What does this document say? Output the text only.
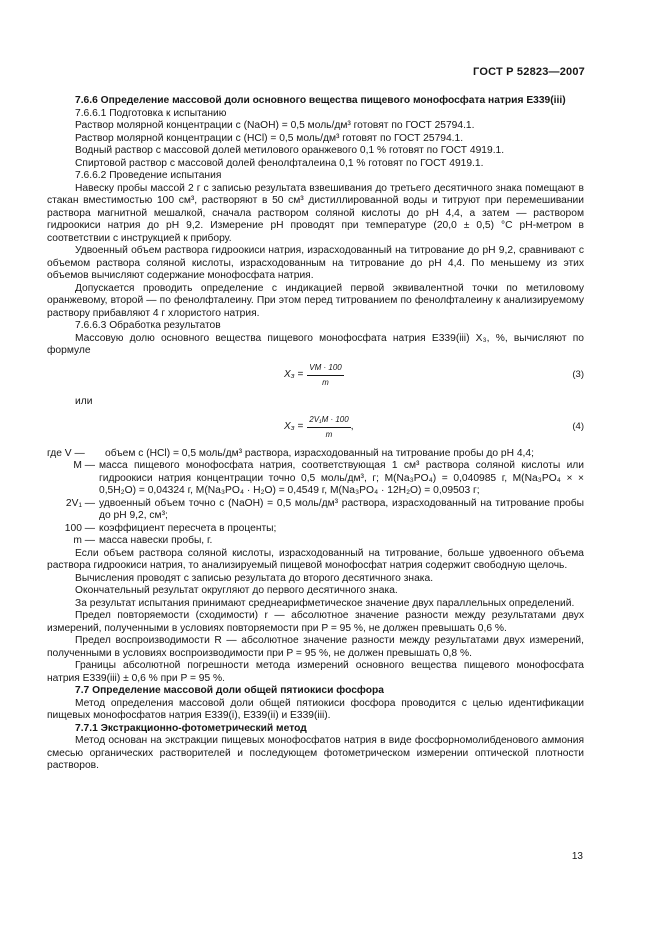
ГОСТ Р 52823—2007

7.6.6 Определение массовой доли основного вещества пищевого монофосфата натрия E339(iii)

7.6.6.1 Подготовка к испытанию

Раствор молярной концентрации с (NaOH) = 0,5 моль/дм³ готовят по ГОСТ 25794.1.

Раствор молярной концентрации с (HCl) = 0,5 моль/дм³ готовят по ГОСТ 25794.1.

Водный раствор с массовой долей метилового оранжевого 0,1 % готовят по ГОСТ 4919.1.

Спиртовой раствор с массовой долей фенолфталеина 0,1 % готовят по ГОСТ 4919.1.

7.6.6.2 Проведение испытания

Навеску пробы массой 2 г с записью результата взвешивания до третьего десятичного знака помещают в стакан вместимостью 100 см³, растворяют в 50 см³ дистиллированной воды и титруют при перемешивании раствора магнитной мешалкой, сначала раствором соляной кислоты до рН 4,4, а затем — раствором гидроокиси натрия до рН 9,2. Измерение рН проводят при температуре (20,0 ± 0,5) °С рН-метром в соответствии с инструкцией к прибору.

Удвоенный объем раствора гидроокиси натрия, израсходованный на титрование до рН 9,2, сравнивают с объемом раствора соляной кислоты, израсходованным на титрование до рН 4,4. По меньшему из этих объемов вычисляют содержание монофосфата натрия.

Допускается проводить определение с индикацией первой эквивалентной точки по метиловому оранжевому, второй — по фенолфталеину. При этом перед титрованием по фенолфталеину к анализируемому раствору прибавляют 4 г хлористого натрия.

7.6.6.3 Обработка результатов

Массовую долю основного вещества пищевого монофосфата натрия E339(iii) X₃, %, вычисляют по формуле

$X_3 = \frac{VM \cdot 100}{m}$	(3)
или
$X_3 = \frac{\text{2V₁M · 100}}{m}$ ,	(4)
где V —	объем с (HCl) = 0,5 моль/дм³ раствора, израсходованный на титрование пробы до рН 4,4;
M — масса пищевого монофосфата натрия, соответствующая 1 см³ раствора соляной кислоты или гидроокиси натрия концентрации точно 0,5 моль/дм³, г; M(Na₃PO₄) = 0,040985 г, M(Na₃PO₄ × × 0,5H₂O) = 0,04324 г, M(Na₃PO₄ · H₂O) = 0,4549 г, M(Na₃PO₄ · 12H₂O) = 0,09503 г;
2V₁ — удвоенный объем точно с (NaOH) = 0,5 моль/дм³ раствора, израсходованный на титрование пробы до рН 9,2, см³;
100 — коэффициент пересчета в проценты;
m — масса навески пробы, г.

Если объем раствора соляной кислоты, израсходованный на титрование, больше удвоенного объема раствора гидроокиси натрия, то анализируемый пищевой монофосфат натрия содержит свободную щелочь.

Вычисления проводят с записью результата до второго десятичного знака.

Окончательный результат округляют до первого десятичного знака.

За результат испытания принимают среднеарифметическое значение двух параллельных определений.

Предел повторяемости (сходимости) r — абсолютное значение разности между результатами двух измерений, полученными в условиях повторяемости при P = 95 %, не должен превышать 0,6 %.

Предел воспроизводимости R — абсолютное значение разности между результатами двух измерений, полученными в условиях воспроизводимости при P = 95 %, не должен превышать 0,8 %.

Границы абсолютной погрешности метода измерений основного вещества пищевого монофосфата натрия E339(iii) ± 0,6 % при P = 95 %.

7.7 Определение массовой доли общей пятиокиси фосфора

Метод определения массовой доли общей пятиокиси фосфора проводится с целью идентификации пищевых монофосфатов натрия E339(i), E339(ii) и E339(iii).

7.7.1 Экстракционно-фотометрический метод

Метод основан на экстракции пищевых монофосфатов натрия в виде фосфорномолибденового аммония смесью органических растворителей и последующем фотометрическом измерении оптической плотности растворов.

13
